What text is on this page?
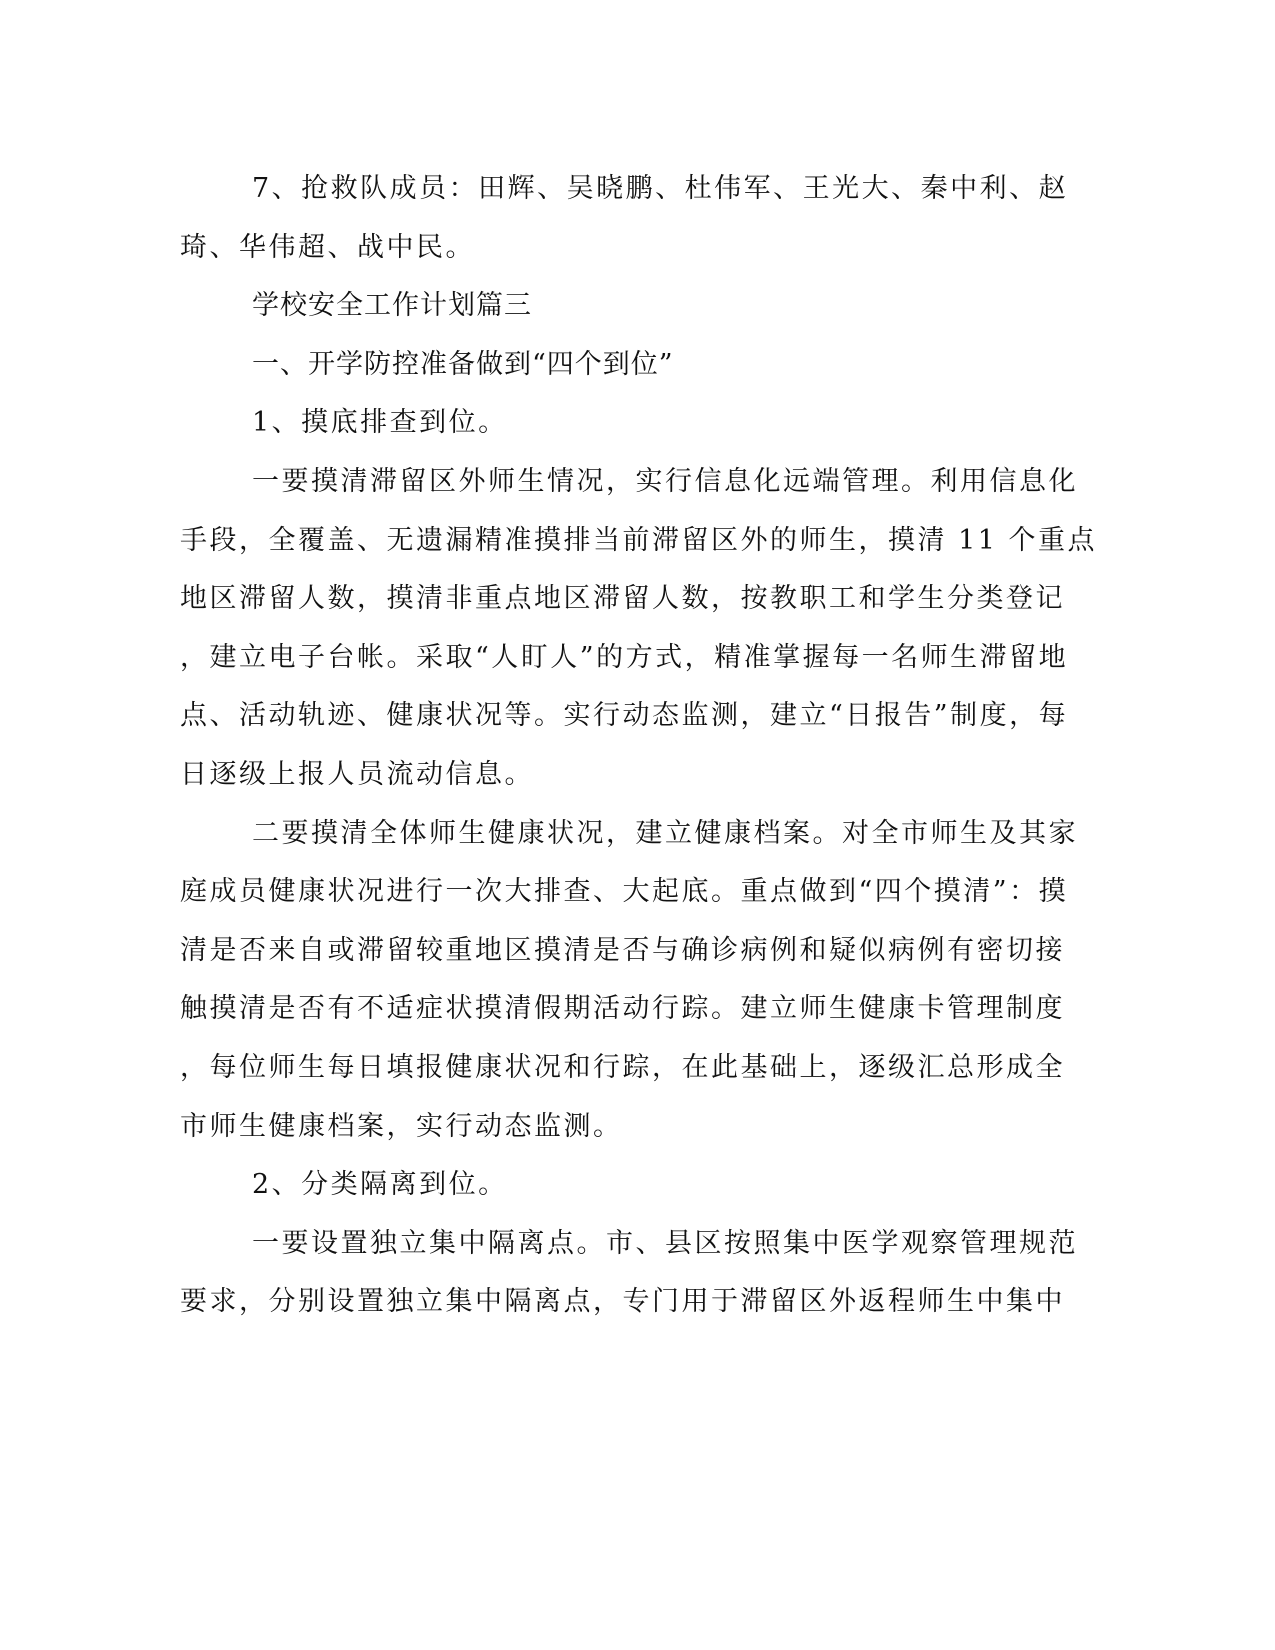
7、抢救队成员：田辉、吴晓鹏、杜伟军、王光大、秦中利、赵
琦、华伟超、战中民。
学校安全工作计划篇三
一、开学防控准备做到“四个到位”
1、摸底排查到位。
一要摸清滞留区外师生情况，实行信息化远端管理。利用信息化
手段，全覆盖、无遗漏精准摸排当前滞留区外的师生，摸清 11 个重点
地区滞留人数，摸清非重点地区滞留人数，按教职工和学生分类登记
，建立电子台帐。采取“人盯人”的方式，精准掌握每一名师生滞留地
点、活动轨迹、健康状况等。实行动态监测，建立“日报告”制度，每
日逐级上报人员流动信息。
二要摸清全体师生健康状况，建立健康档案。对全市师生及其家
庭成员健康状况进行一次大排查、大起底。重点做到“四个摸清”：摸
清是否来自或滞留较重地区摸清是否与确诊病例和疑似病例有密切接
触摸清是否有不适症状摸清假期活动行踪。建立师生健康卡管理制度
，每位师生每日填报健康状况和行踪，在此基础上，逐级汇总形成全
市师生健康档案，实行动态监测。
2、分类隔离到位。
一要设置独立集中隔离点。市、县区按照集中医学观察管理规范
要求，分别设置独立集中隔离点，专门用于滞留区外返程师生中集中
